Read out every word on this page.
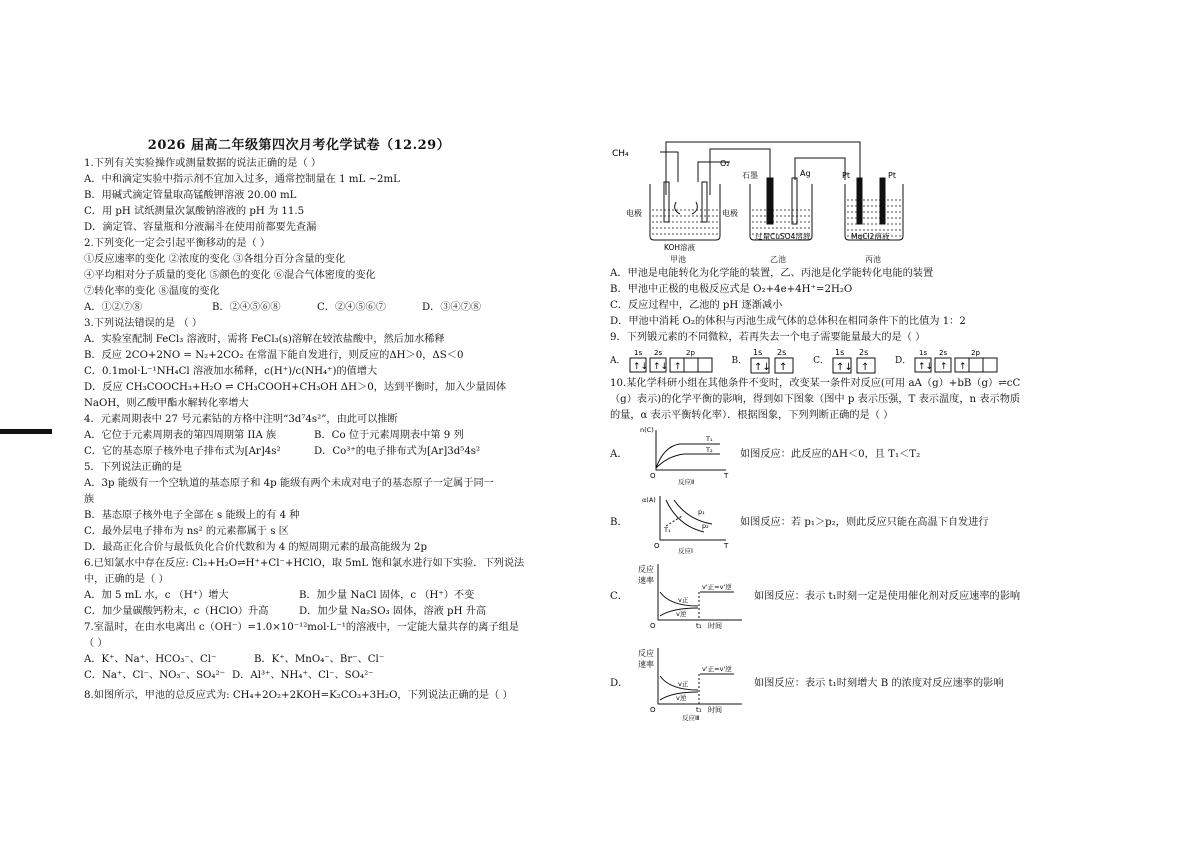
2026 届高二年级第四次月考化学试卷（12.29）
1.下列有关实验操作或测量数据的说法正确的是（ ）
A．中和滴定实验中指示剂不宜加入过多，通常控制量在 1 mL ~2mL
B．用碱式滴定管量取高锰酸钾溶液 20.00 mL
C．用 pH 试纸测量次氯酸钠溶液的 pH 为 11.5
D．滴定管、容量瓶和分液漏斗在使用前都要先查漏
2.下列变化一定会引起平衡移动的是（ ）
①反应速率的变化 ②浓度的变化 ③各组分百分含量的变化
④平均相对分子质量的变化 ⑤颜色的变化 ⑥混合气体密度的变化
⑦转化率的变化 ⑧温度的变化
A．①②⑦⑧	B．②④⑤⑥⑧	C．②④⑤⑥⑦	D．③④⑦⑧
3.下列说法错误的是 （ ）
A．实验室配制 FeCl₃ 溶液时，需将 FeCl₃(s)溶解在较浓盐酸中，然后加水稀释
B．反应 2CO+2NO = N₂+2CO₂ 在常温下能自发进行，则反应的ΔH＞0，ΔS＜0
C．0.1mol·L⁻¹NH₄Cl 溶液加水稀释，c(H⁺)/c(NH₄⁺)的值增大
D．反应 CH₃COOCH₃+H₂O ⇌ CH₃COOH+CH₃OH ΔH＞0，达到平衡时，加入少量固体
NaOH，则乙酸甲酯水解转化率增大
4．元素周期表中 27 号元素钴的方格中注明“3d⁷4s²”，由此可以推断
A．它位于元素周期表的第四周期第 IIA 族	B．Co 位于元素周期表中第 9 列
C．它的基态原子核外电子排布式为[Ar]4s²	D．Co³⁺的电子排布式为[Ar]3d⁵4s²
5．下列说法正确的是
A．3p 能级有一个空轨道的基态原子和 4p 能级有两个未成对电子的基态原子一定属于同一
族
B．基态原子核外电子全部在 s 能级上的有 4 种
C．最外层电子排布为 ns² 的元素都属于 s 区
D．最高正化合价与最低负化合价代数和为 4 的短周期元素的最高能级为 2p
6.已知氯水中存在反应: Cl₂+H₂O⇌H⁺+Cl⁻+HClO，取 5mL 饱和氯水进行如下实验．下列说法
中，正确的是（ ）
A．加 5 mL 水，c （H⁺）增大	B．加少量 NaCl 固体，c （H⁺）不变
C．加少量碳酸钙粉末，c（HClO）升高	D．加少量 Na₂SO₃ 固体，溶液 pH 升高
7.室温时，在由水电离出 c（OH⁻）=1.0×10⁻¹²mol·L⁻¹的溶液中，一定能大量共存的离子组是
（ ）
A．K⁺、Na⁺、HCO₃⁻、Cl⁻	B．K⁺、MnO₄⁻、Br⁻、Cl⁻
C．Na⁺、Cl⁻、NO₃⁻、SO₄²⁻ D．Al³⁺、NH₄⁺、Cl⁻、SO₄²⁻
8.如图所示，甲池的总反应式为: CH₄+2O₂+2KOH=K₂CO₃+3H₂O，下列说法正确的是（ ）
CH₄
O₂
石墨	Ag	Pt	Pt
电极	电极
KOH溶液
过量CuSO4溶液	MgCl2溶液
甲池	乙池	丙池
A．甲池是电能转化为化学能的装置，乙、丙池是化学能转化电能的装置
B．甲池中正极的电极反应式是 O₂+4e+4H⁺=2H₂O
C．反应过程中，乙池的 pH 逐渐减小
D．甲池中消耗 O₂的体积与丙池生成气体的总体积在相同条件下的比值为 1：2
9．下列锻元素的不同微粒，若再失去一个电子需要能量最大的是（ ）
A．
1s 2s	2p
↑↓ ↑↓ ↑
B．
1s 2s
↑↓ ↑
C．
1s 2s
↑↓ ↑
D．
1s 2s	2p
↑↓ ↑ ↑
10.某化学科研小组在其他条件不变时，改变某一条件对反应(可用 aA（g）+bB（g）⇌cC
（g）表示)的化学平衡的影响，得到如下图象（图中 p 表示压强，T 表示温度，n 表示物质
的量，α 表示平衡转化率）．根据图象，下列判断正确的是（ ）
A．
n(C)
T₁
T₂
O	T
反应Ⅱ
如图反应：此反应的ΔH＜0，且 T₁＜T₂
B．
α(A)
p₁
p₂
T₁
O	T
反应Ⅰ
如图反应：若 p₁＞p₂，则此反应只能在高温下自发进行
C．
反应
速率
v正
v逆
v'正=v'逆
O	t₁ 时间
如图反应：表示 t₁时刻一定是使用催化剂对反应速率的影响
D．
反应
速率
v正
v逆
v'正=v'逆
O	t₁ 时间
反应Ⅲ
如图反应：表示 t₁时刻增大 B 的浓度对反应速率的影响
